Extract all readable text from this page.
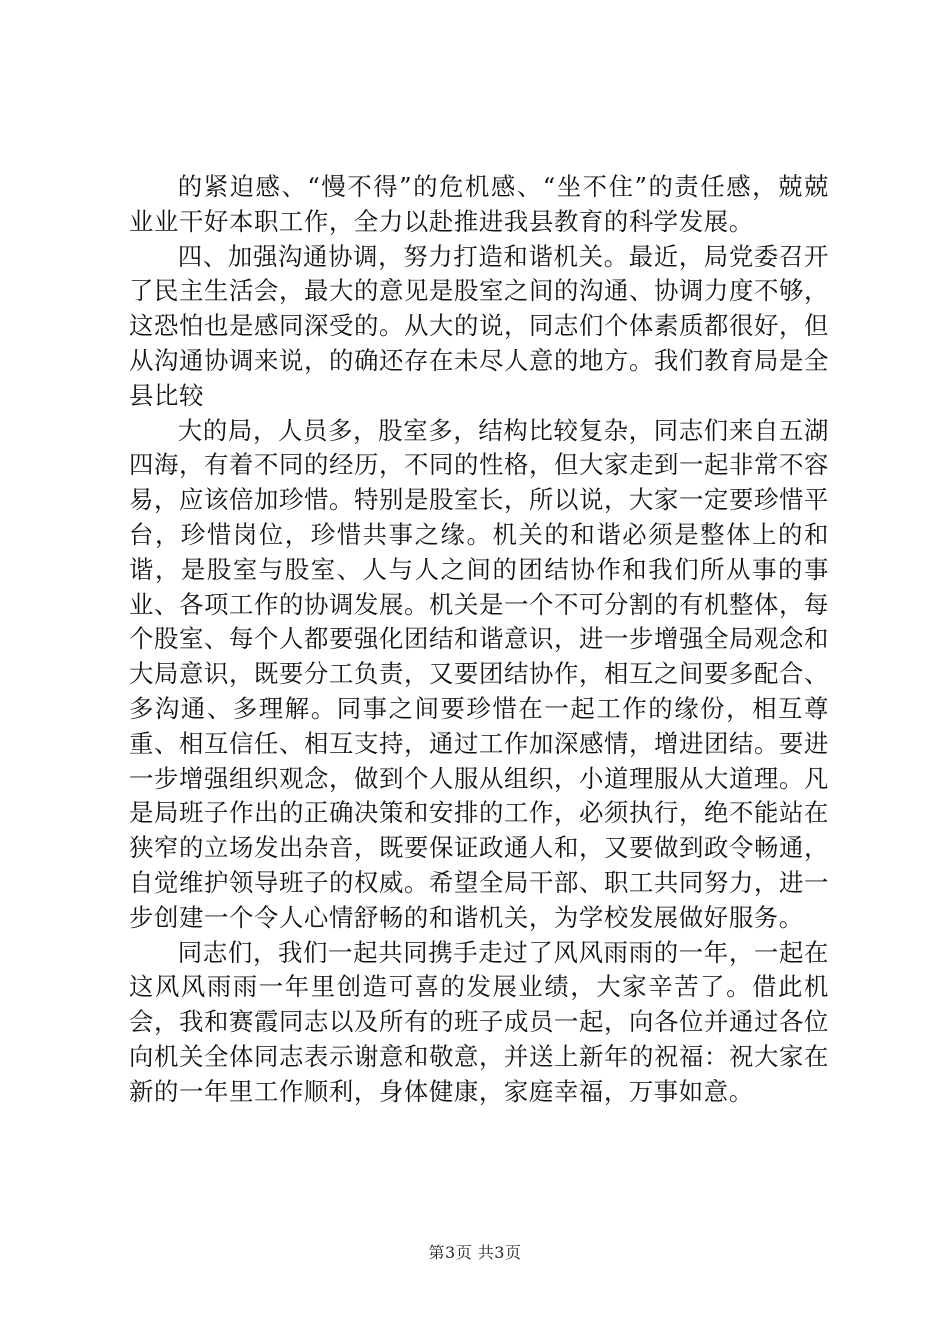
的紧迫感、“慢不得”的危机感、“坐不住”的责任感，兢兢业业干好本职工作，全力以赴推进我县教育的科学发展。

四、加强沟通协调，努力打造和谐机关。最近，局党委召开了民主生活会，最大的意见是股室之间的沟通、协调力度不够，这恐怕也是感同深受的。从大的说，同志们个体素质都很好，但从沟通协调来说，的确还存在未尽人意的地方。我们教育局是全县比较

大的局，人员多，股室多，结构比较复杂，同志们来自五湖四海，有着不同的经历，不同的性格，但大家走到一起非常不容易，应该倍加珍惜。特别是股室长，所以说，大家一定要珍惜平台，珍惜岗位，珍惜共事之缘。机关的和谐必须是整体上的和谐，是股室与股室、人与人之间的团结协作和我们所从事的事业、各项工作的协调发展。机关是一个不可分割的有机整体，每个股室、每个人都要强化团结和谐意识，进一步增强全局观念和大局意识，既要分工负责，又要团结协作，相互之间要多配合、多沟通、多理解。同事之间要珍惜在一起工作的缘份，相互尊重、相互信任、相互支持，通过工作加深感情，增进团结。要进一步增强组织观念，做到个人服从组织，小道理服从大道理。凡是局班子作出的正确决策和安排的工作，必须执行，绝不能站在狭窄的立场发出杂音，既要保证政通人和，又要做到政令畅通，自觉维护领导班子的权威。希望全局干部、职工共同努力，进一步创建一个令人心情舒畅的和谐机关，为学校发展做好服务。

同志们，我们一起共同携手走过了风风雨雨的一年，一起在这风风雨雨一年里创造可喜的发展业绩，大家辛苦了。借此机会，我和赛霞同志以及所有的班子成员一起，向各位并通过各位向机关全体同志表示谢意和敬意，并送上新年的祝福：祝大家在新的一年里工作顺利，身体健康，家庭幸福，万事如意。

第3页 共3页
